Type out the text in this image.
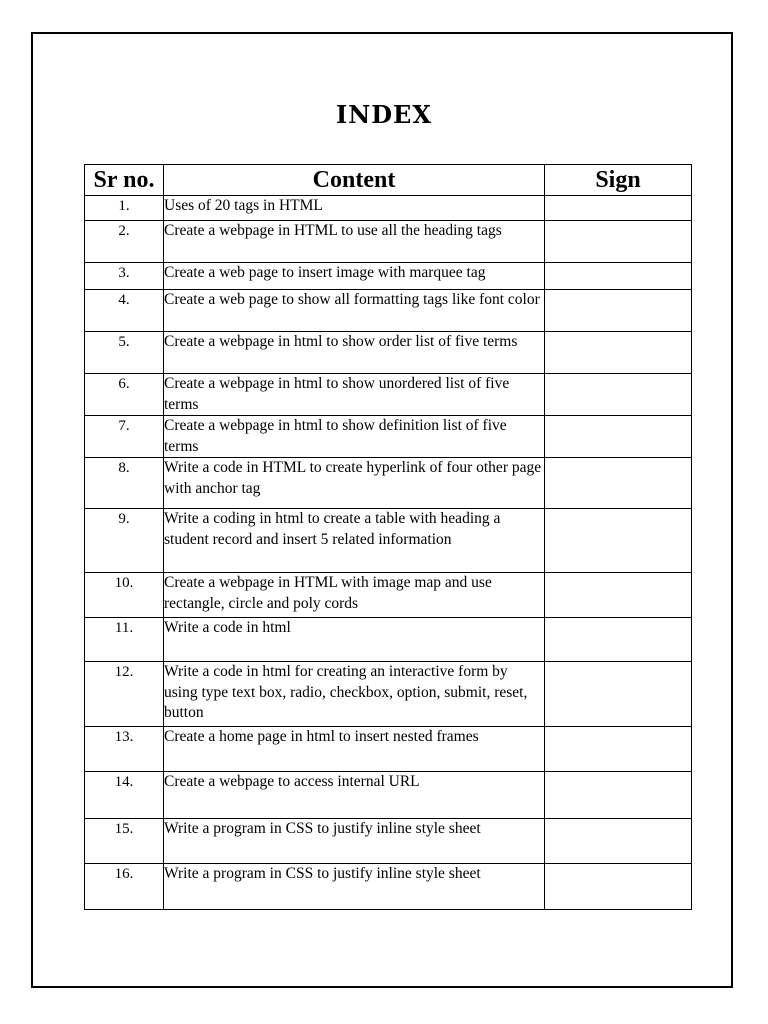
INDEX
Sr no.	Content	Sign
1.	Uses of 20 tags in HTML	
2.	Create a webpage in HTML to use all the heading tags	
3.	Create a web page to insert image with marquee tag	
4.	Create a web page to show all formatting tags like font color	
5.	Create a webpage in html to show order list of five terms	
6.	Create a webpage in html to show unordered list of five terms	
7.	Create a webpage in html to show definition list of five terms	
8.	Write a code in HTML to create hyperlink of four other page with anchor tag	
9.	Write a coding in html to create a table with heading a student record and insert 5 related information	
10.	Create a webpage in HTML with image map and use rectangle, circle and poly cords	
11.	Write a code in html	
12.	Write a code in html for creating an interactive form by using type text box, radio, checkbox, option, submit, reset, button	
13.	Create a home page in html to insert nested frames	
14.	Create a webpage to access internal URL	
15.	Write a program in CSS to justify inline style sheet	
16.	Write a program in CSS to justify inline style sheet	
